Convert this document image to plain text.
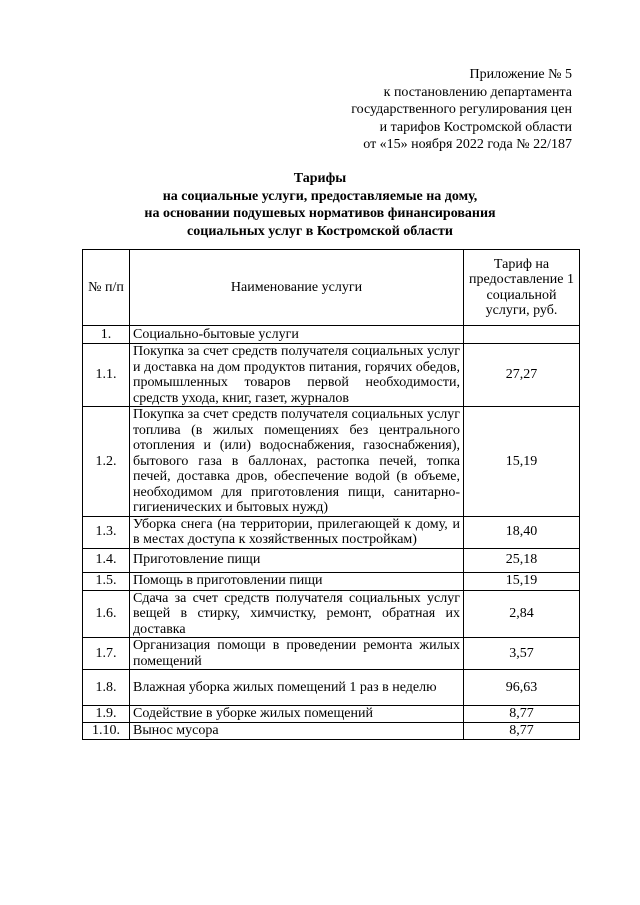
Приложение № 5
к постановлению департамента
государственного регулирования цен
и тарифов Костромской области
от «15» ноября 2022 года № 22/187
Тарифы
на социальные услуги, предоставляемые на дому,
на основании подушевых нормативов финансирования
социальных услуг в Костромской области
№ п/п	Наименование услуги	Тариф на предоставление 1 социальной услуги, руб.
1.	Социально-бытовые услуги	
1.1.	Покупка за счет средств получателя социальных услуг и доставка на дом продуктов питания, горячих обедов, промышленных товаров первой необходимости, средств ухода, книг, газет, журналов	27,27
1.2.	Покупка за счет средств получателя социальных услуг топлива (в жилых помещениях без центрального отопления и (или) водоснабжения, газоснабжения), бытового газа в баллонах, растопка печей, топка печей, доставка дров, обеспечение водой (в объеме, необходимом для приготовления пищи, санитарно-гигиенических и бытовых нужд)	15,19
1.3.	Уборка снега (на территории, прилегающей к дому, и в местах доступа к хозяйственных постройкам)	18,40
1.4.	Приготовление пищи	25,18
1.5.	Помощь в приготовлении пищи	15,19
1.6.	Сдача за счет средств получателя социальных услуг вещей в стирку, химчистку, ремонт, обратная их доставка	2,84
1.7.	Организация помощи в проведении ремонта жилых помещений	3,57
1.8.	Влажная уборка жилых помещений 1 раз в неделю	96,63
1.9.	Содействие в уборке жилых помещений	8,77
1.10.	Вынос мусора	8,77
